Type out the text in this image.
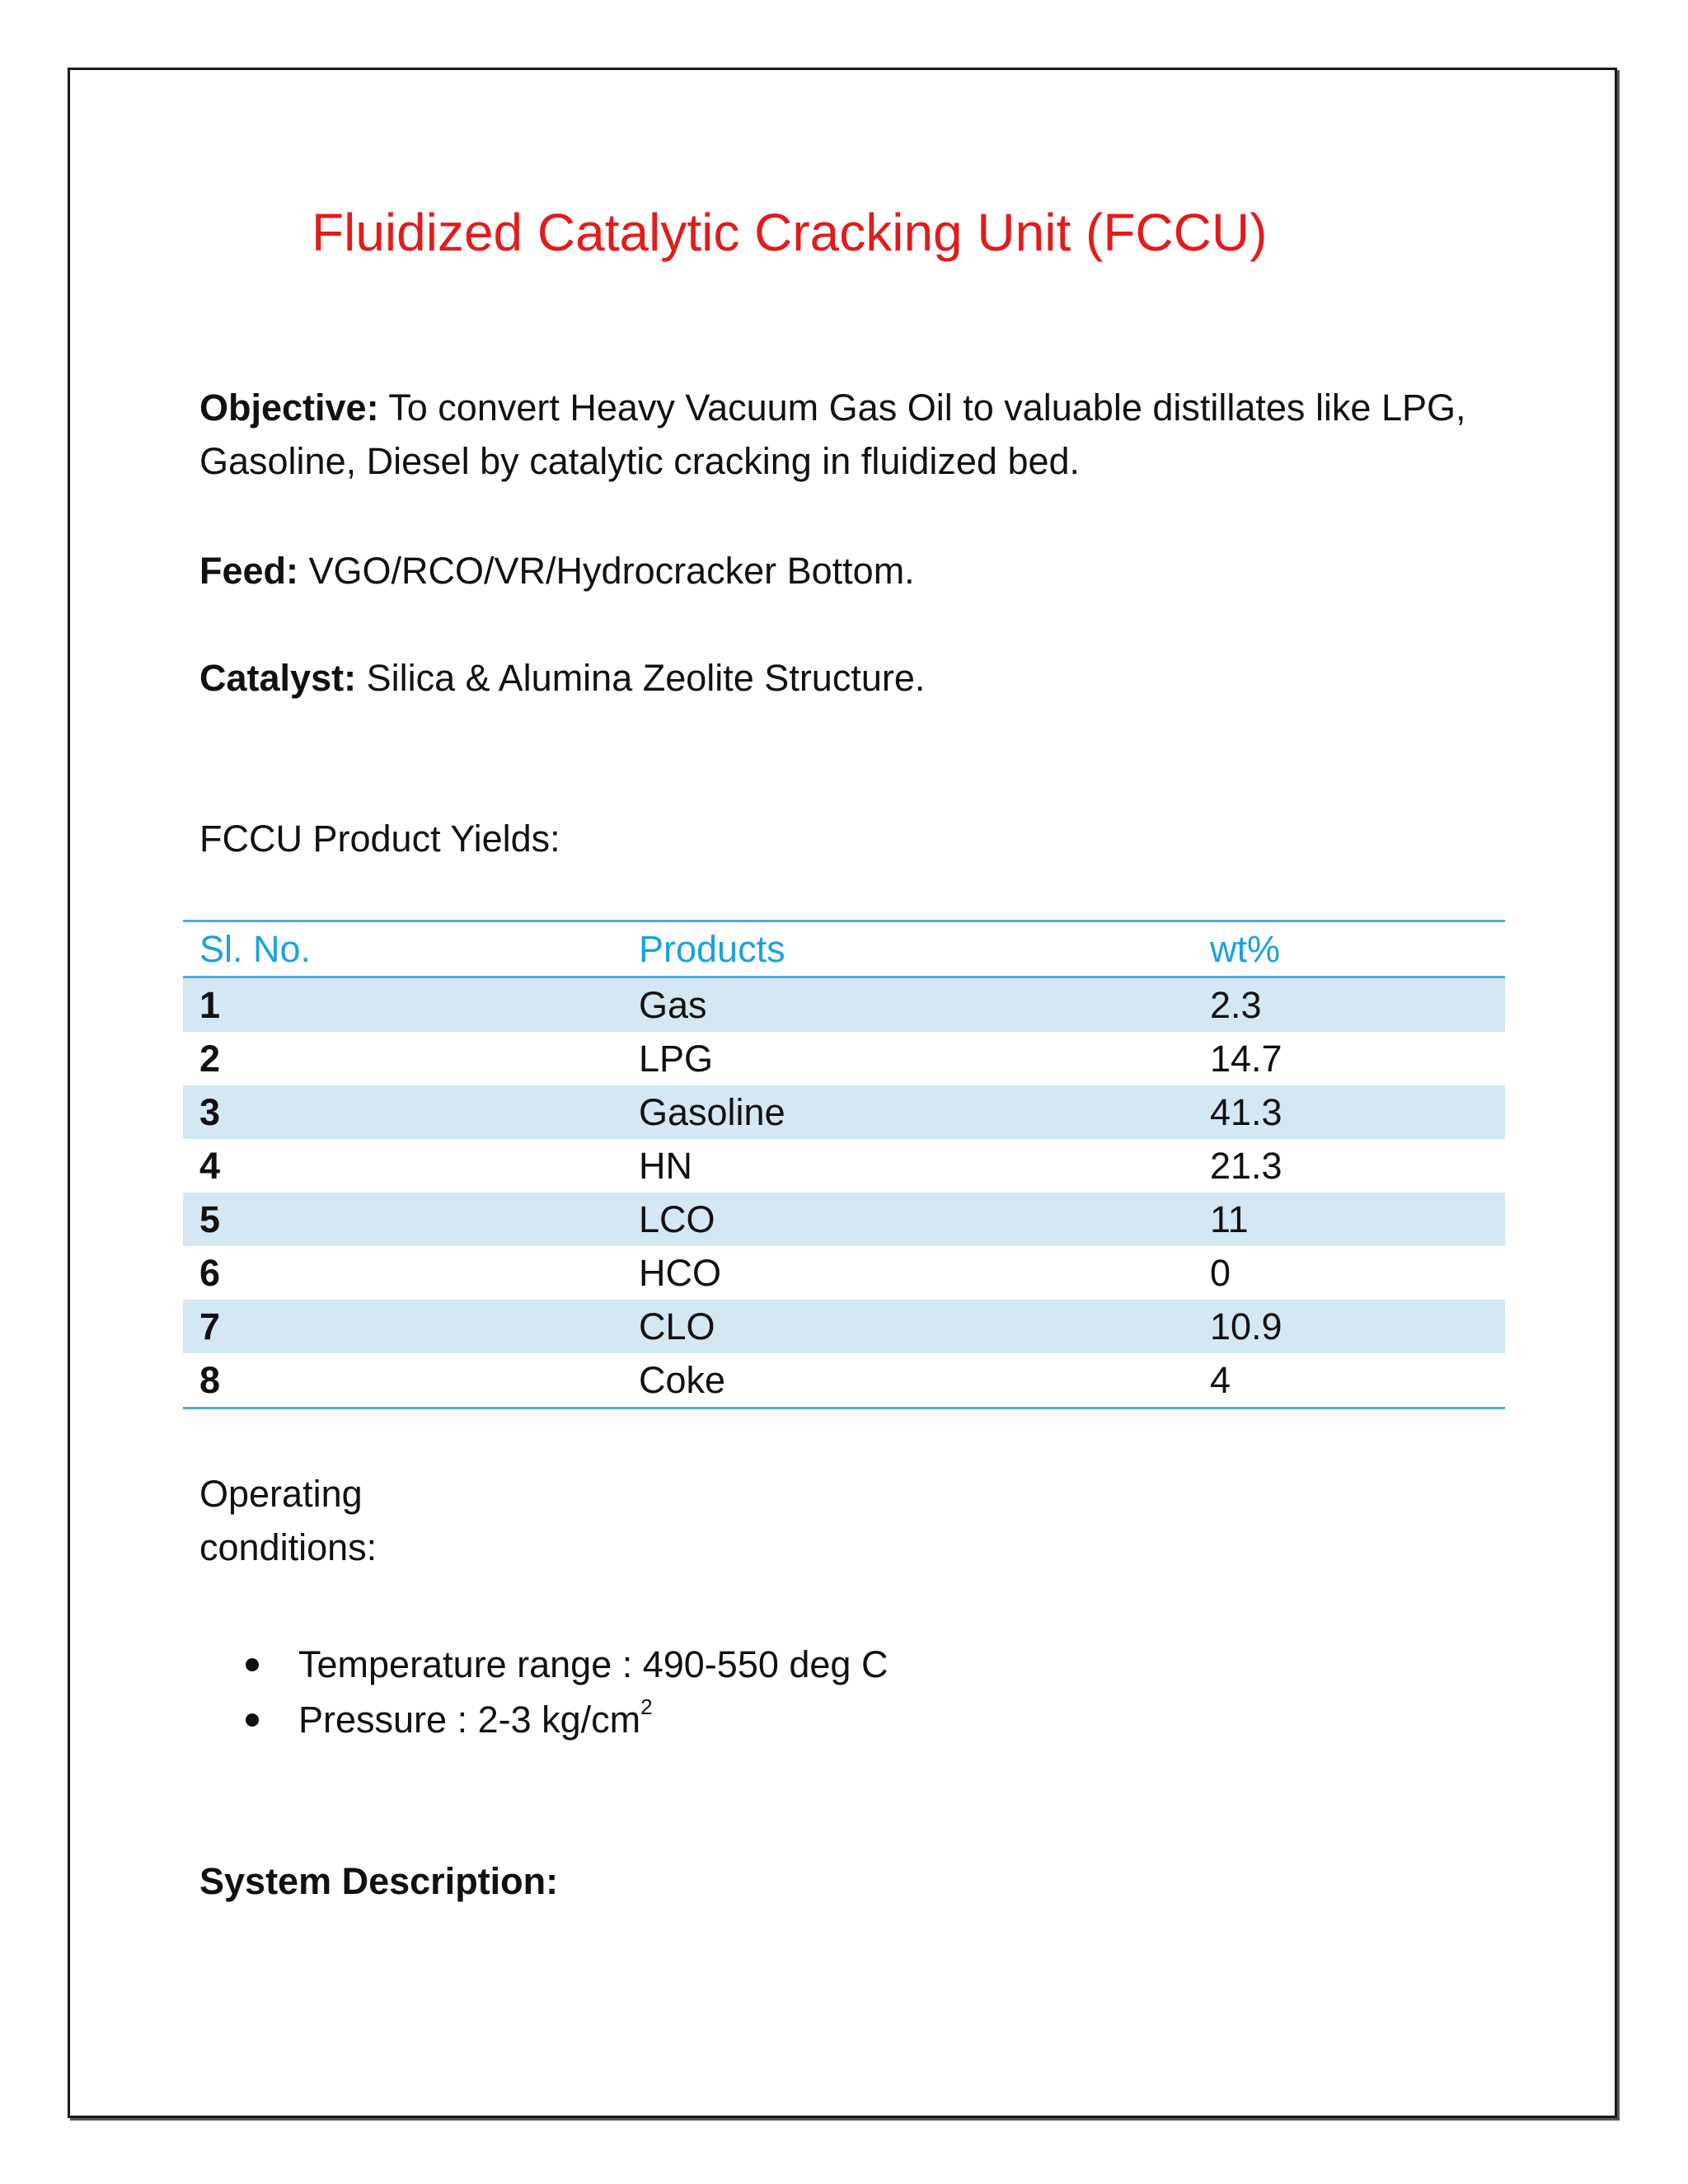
Fluidized Catalytic Cracking Unit (FCCU)
Objective: To convert Heavy Vacuum Gas Oil to valuable distillates like LPG, Gasoline, Diesel by catalytic cracking in fluidized bed.
Feed: VGO/RCO/VR/Hydrocracker Bottom.
Catalyst: Silica & Alumina Zeolite Structure.
FCCU Product Yields:
Sl. No.	Products	wt%
1	Gas	2.3
2	LPG	14.7
3	Gasoline	41.3
4	HN	21.3
5	LCO	11
6	HCO	0
7	CLO	10.9
8	Coke	4
Operating conditions:
Temperature range : 490-550 deg C
Pressure : 2-3 $kg/cm^2$
System Description:
